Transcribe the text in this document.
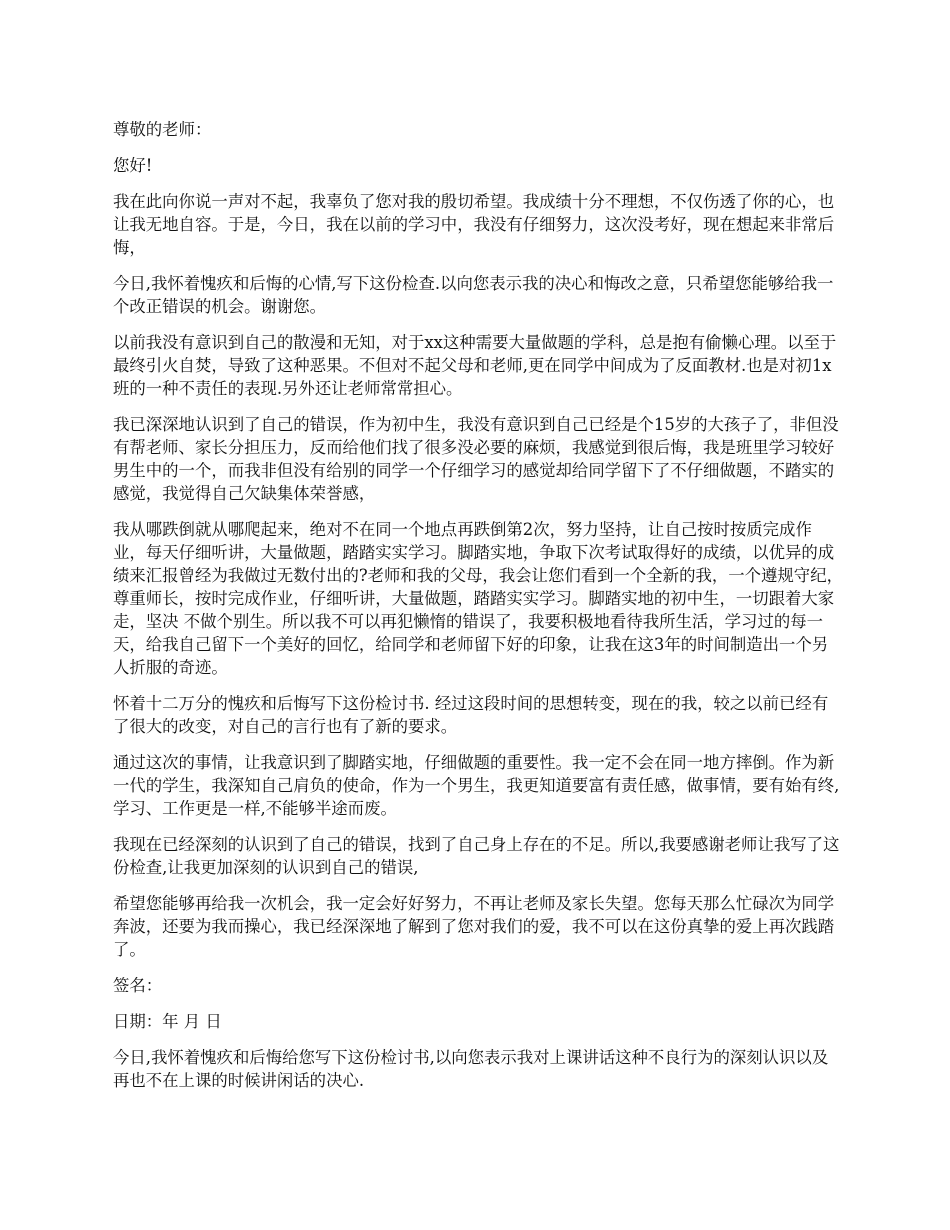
尊敬的老师：

您好!

我在此向你说一声对不起，我辜负了您对我的殷切希望。我成绩十分不理想，不仅伤透了你的心，也让我无地自容。于是，今日，我在以前的学习中，我没有仔细努力，这次没考好，现在想起来非常后悔，

今日,我怀着愧疚和后悔的心情,写下这份检查.以向您表示我的决心和悔改之意，只希望您能够给我一个改正错误的机会。谢谢您。

以前我没有意识到自己的散漫和无知，对于xx这种需要大量做题的学科，总是抱有偷懒心理。以至于最终引火自焚，导致了这种恶果。不但对不起父母和老师,更在同学中间成为了反面教材.也是对初1x班的一种不责任的表现.另外还让老师常常担心。

我已深深地认识到了自己的错误，作为初中生，我没有意识到自己已经是个15岁的大孩子了，非但没有帮老师、家长分担压力，反而给他们找了很多没必要的麻烦，我感觉到很后悔，我是班里学习较好男生中的一个，而我非但没有给别的同学一个仔细学习的感觉却给同学留下了不仔细做题，不踏实的感觉，我觉得自己欠缺集体荣誉感，

我从哪跌倒就从哪爬起来，绝对不在同一个地点再跌倒第2次，努力坚持，让自己按时按质完成作业，每天仔细听讲，大量做题，踏踏实实学习。脚踏实地，争取下次考试取得好的成绩，以优异的成绩来汇报曾经为我做过无数付出的?老师和我的父母，我会让您们看到一个全新的我，一个遵规守纪，尊重师长，按时完成作业，仔细听讲，大量做题，踏踏实实学习。脚踏实地的初中生，一切跟着大家走，坚决 不做个别生。所以我不可以再犯懒惰的错误了，我要积极地看待我所生活，学习过的每一天，给我自己留下一个美好的回忆，给同学和老师留下好的印象，让我在这3年的时间制造出一个另人折服的奇迹。

怀着十二万分的愧疚和后悔写下这份检讨书. 经过这段时间的思想转变，现在的我，较之以前已经有了很大的改变，对自己的言行也有了新的要求。

通过这次的事情，让我意识到了脚踏实地，仔细做题的重要性。我一定不会在同一地方摔倒。作为新一代的学生，我深知自己肩负的使命，作为一个男生，我更知道要富有责任感，做事情，要有始有终,学习、工作更是一样,不能够半途而废。

我现在已经深刻的认识到了自己的错误，找到了自己身上存在的不足。所以,我要感谢老师让我写了这份检查,让我更加深刻的认识到自己的错误,

希望您能够再给我一次机会，我一定会好好努力，不再让老师及家长失望。您每天那么忙碌次为同学奔波，还要为我而操心，我已经深深地了解到了您对我们的爱，我不可以在这份真挚的爱上再次践踏了。

签名：

日期：年 月 日

今日,我怀着愧疚和后悔给您写下这份检讨书,以向您表示我对上课讲话这种不良行为的深刻认识以及再也不在上课的时候讲闲话的决心.
